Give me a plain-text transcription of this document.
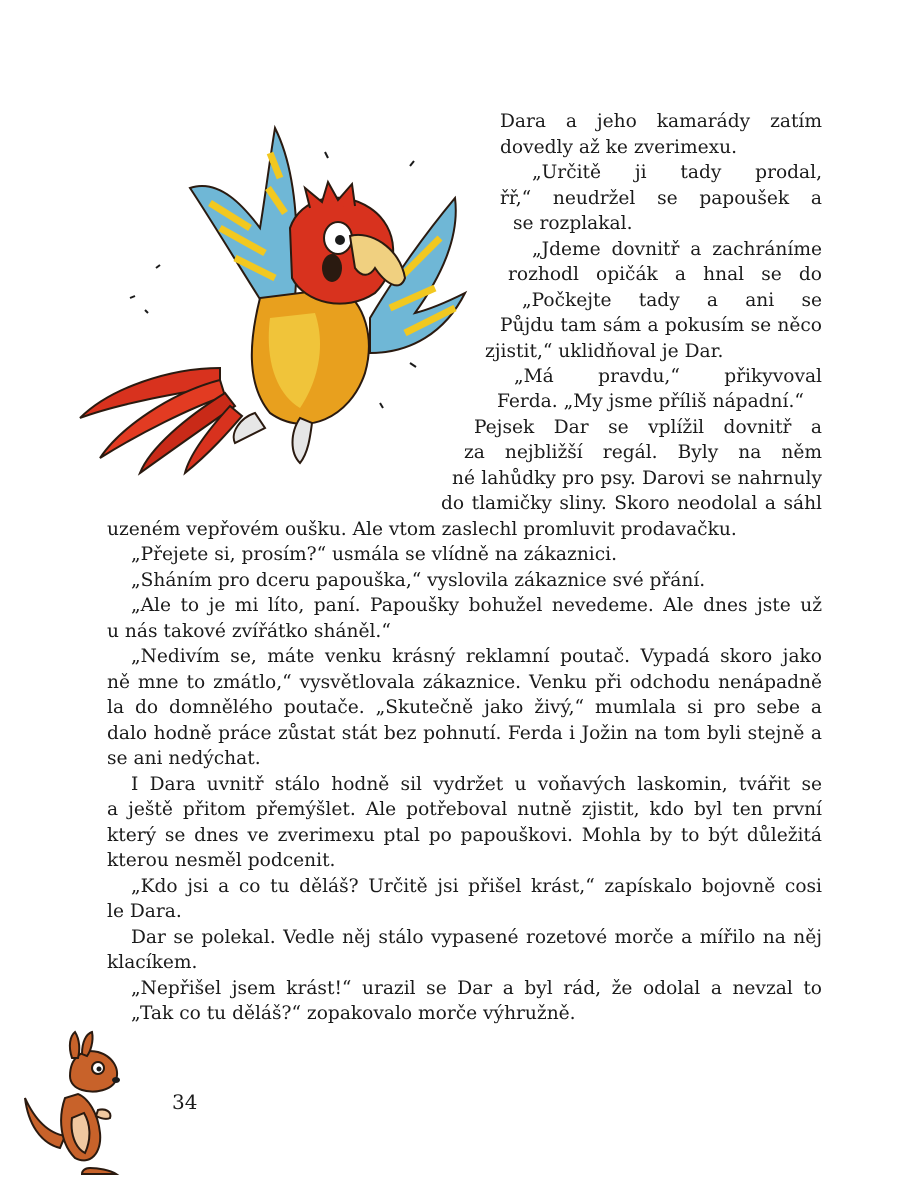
Dara a jeho kamarády zatím
dovedly až ke zverimexu.
„Určitě ji tady prodal,
řř,“ neudržel se papoušek a
se rozplakal.
„Jdeme dovnitř a zachráníme
rozhodl opičák a hnal se do
„Počkejte tady a ani se
Půjdu tam sám a pokusím se něco
zjistit,“ uklidňoval je Dar.
„Má pravdu,“ přikyvoval
Ferda. „My jsme příliš nápadní.“
Pejsek Dar se vplížil dovnitř a
za nejbližší regál. Byly na něm
né lahůdky pro psy. Darovi se nahrnuly
do tlamičky sliny. Skoro neodolal a sáhl
uzeném vepřovém oušku. Ale vtom zaslechl promluvit prodavačku.
„Přejete si, prosím?“ usmála se vlídně na zákaznici.
„Sháním pro dceru papouška,“ vyslovila zákaznice své přání.
„Ale to je mi líto, paní. Papoušky bohužel nevedeme. Ale dnes jste už
u nás takové zvířátko sháněl.“
„Nedivím se, máte venku krásný reklamní poutač. Vypadá skoro jako
ně mne to zmátlo,“ vysvětlovala zákaznice. Venku při odchodu nenápadně
la do domnělého poutače. „Skutečně jako živý,“ mumlala si pro sebe a
dalo hodně práce zůstat stát bez pohnutí. Ferda i Jožin na tom byli stejně a
se ani nedýchat.
I Dara uvnitř stálo hodně sil vydržet u voňavých laskomin, tvářit se
a ještě přitom přemýšlet. Ale potřeboval nutně zjistit, kdo byl ten první
který se dnes ve zverimexu ptal po papouškovi. Mohla by to být důležitá
kterou nesměl podcenit.
„Kdo jsi a co tu děláš? Určitě jsi přišel krást,“ zapískalo bojovně cosi
le Dara.
Dar se polekal. Vedle něj stálo vypasené rozetové morče a mířilo na něj
klacíkem.
„Nepřišel jsem krást!“ urazil se Dar a byl rád, že odolal a nevzal to
„Tak co tu děláš?“ zopakovalo morče výhružně.
34
